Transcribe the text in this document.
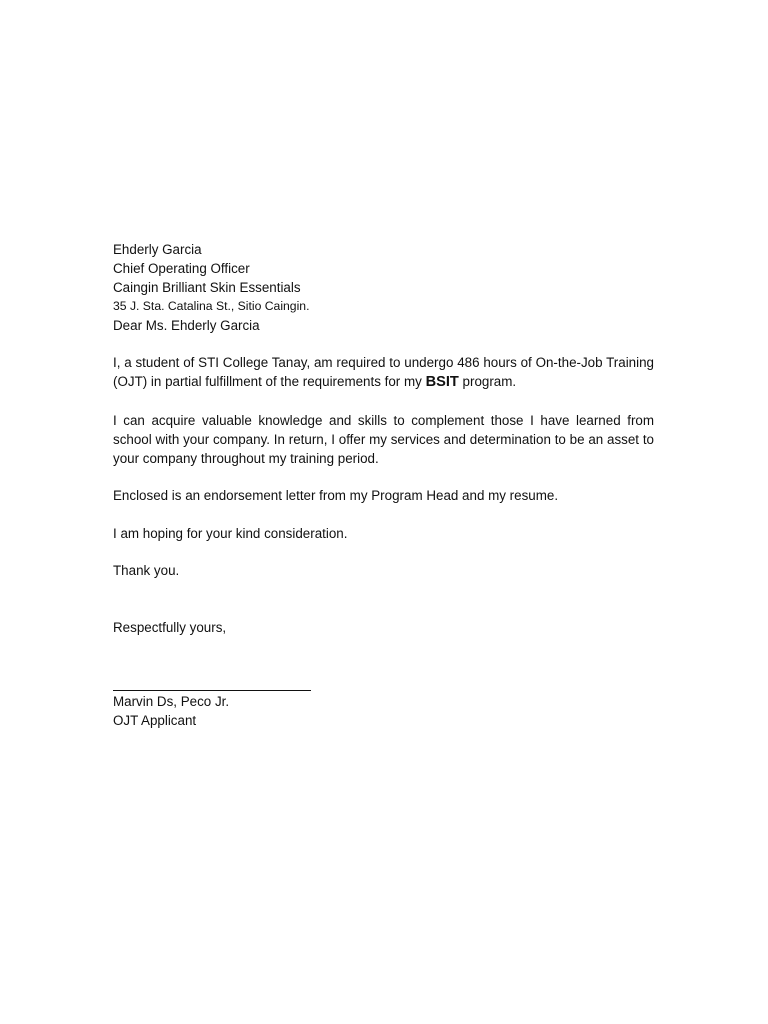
Ehderly Garcia
Chief Operating Officer
Caingin Brilliant Skin Essentials
35 J. Sta. Catalina St., Sitio Caingin.
Dear Ms. Ehderly Garcia

I, a student of STI College Tanay, am required to undergo 486 hours of On-the-Job Training (OJT) in partial fulfillment of the requirements for my BSIT program.

I can acquire valuable knowledge and skills to complement those I have learned from school with your company. In return, I offer my services and determination to be an asset to your company throughout my training period.

Enclosed is an endorsement letter from my Program Head and my resume.

I am hoping for your kind consideration.

Thank you.

Respectfully yours,
Marvin Ds, Peco Jr.
OJT Applicant
